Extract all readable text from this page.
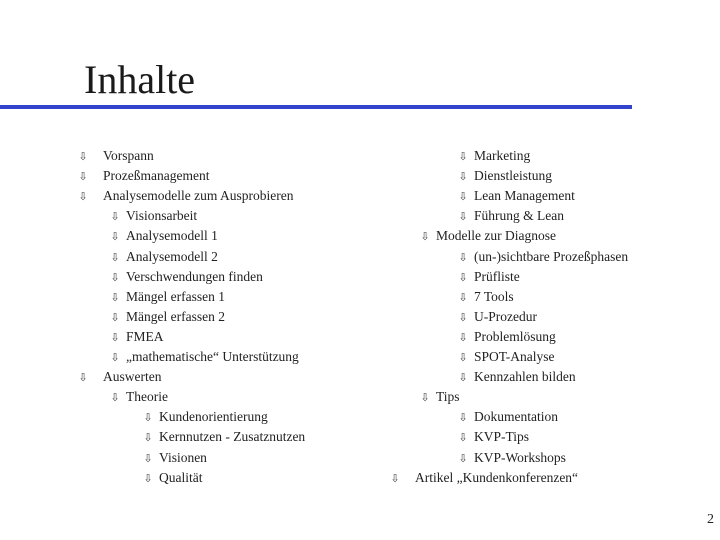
Inhalte
⇩ Vorspann
⇩ Prozeßmanagement
⇩ Analysemodelle zum Ausprobieren
⇩ Visionsarbeit
⇩ Analysemodell 1
⇩ Analysemodell 2
⇩ Verschwendungen finden
⇩ Mängel erfassen 1
⇩ Mängel erfassen 2
⇩ FMEA
⇩ „mathematische“ Unterstützung
⇩ Auswerten
⇩ Theorie
⇩ Kundenorientierung
⇩ Kernnutzen - Zusatznutzen
⇩ Visionen
⇩ Qualität
⇩ Marketing
⇩ Dienstleistung
⇩ Lean Management
⇩ Führung & Lean
⇩ Modelle zur Diagnose
⇩ (un-)sichtbare Prozeßphasen
⇩ Prüfliste
⇩ 7 Tools
⇩ U-Prozedur
⇩ Problemlösung
⇩ SPOT-Analyse
⇩ Kennzahlen bilden
⇩ Tips
⇩ Dokumentation
⇩ KVP-Tips
⇩ KVP-Workshops
⇩ Artikel „Kundenkonferenzen“
2
